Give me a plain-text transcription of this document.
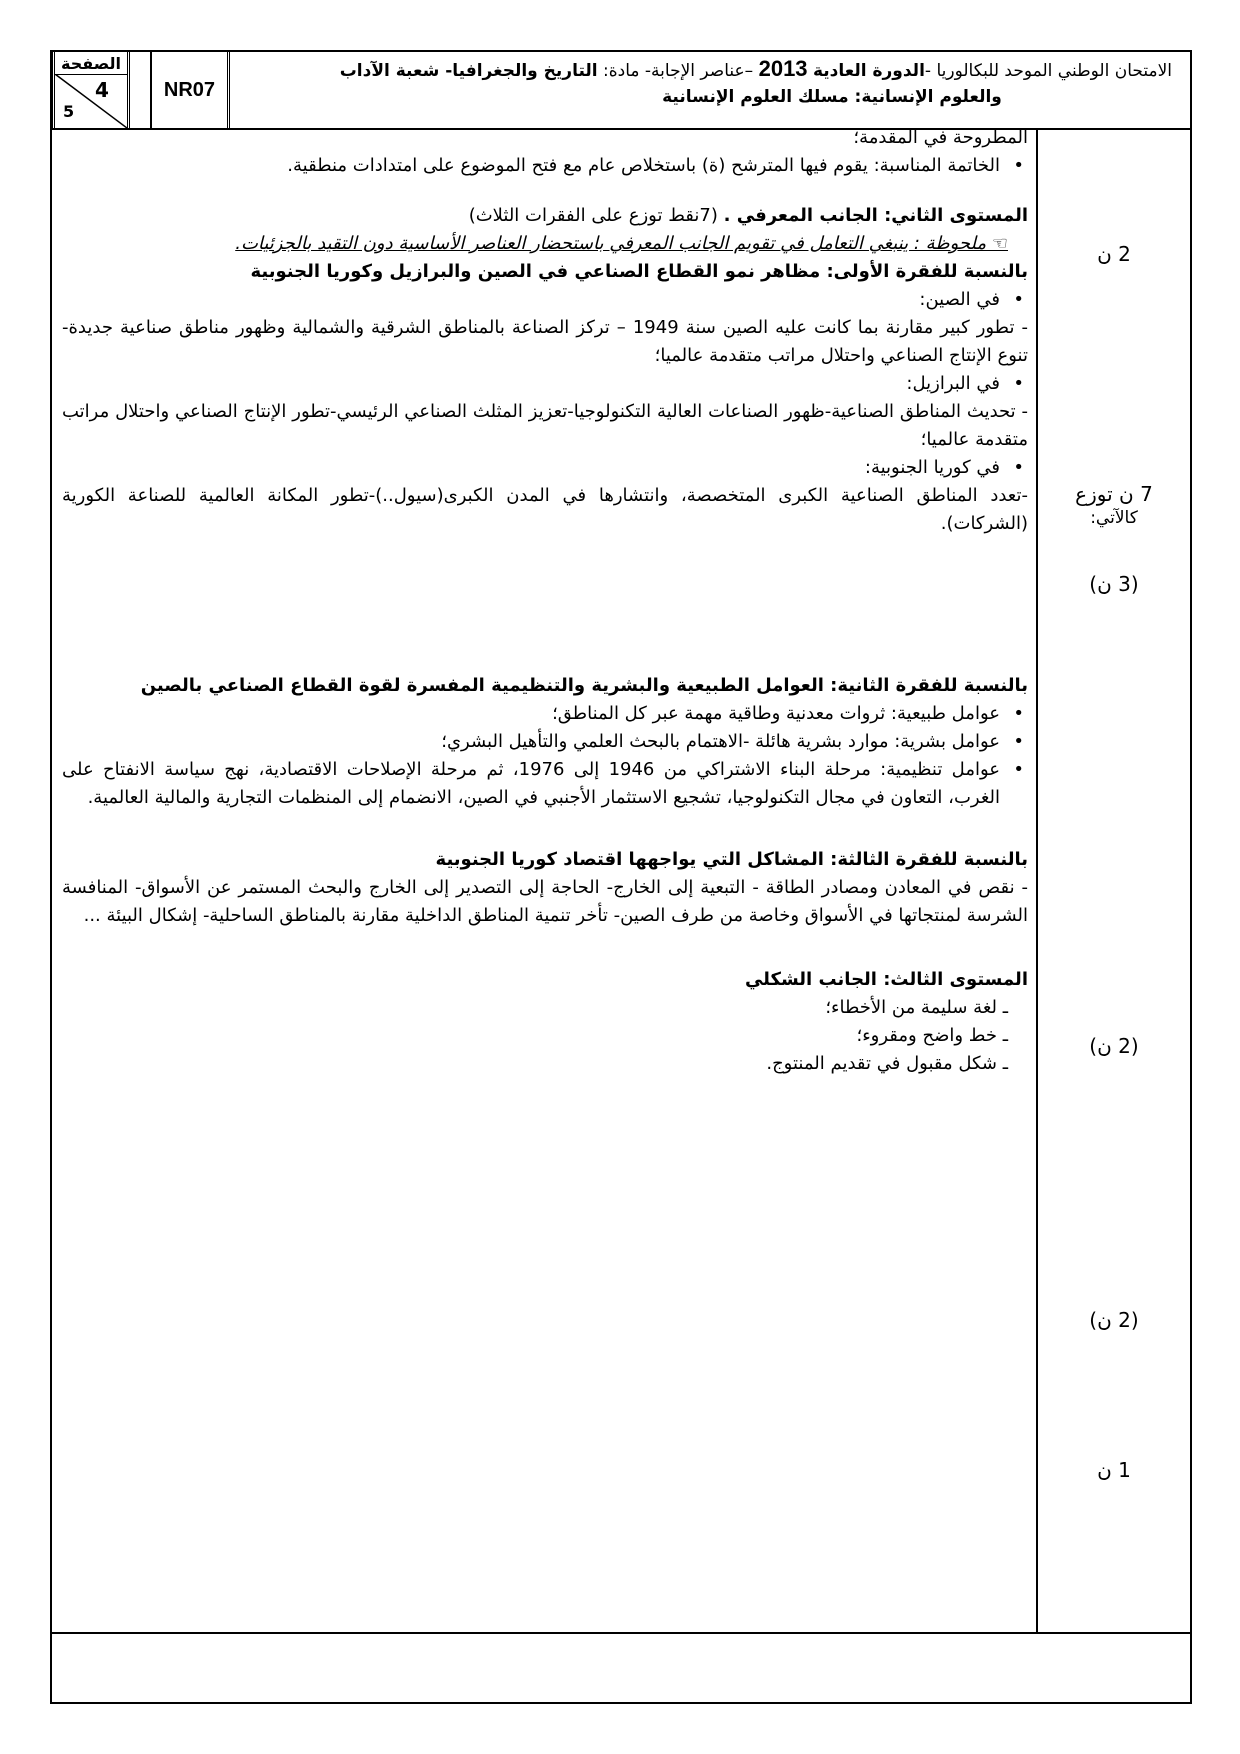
الصفحة
4
5
NR07
الامتحان الوطني الموحد للبكالوريا -الدورة العادية 2013 –عناصر الإجابة- مادة: التاريخ والجغرافيا- شعبة الآداب
والعلوم الإنسانية: مسلك العلوم الإنسانية

المطروحة في المقدمة؛

• الخاتمة المناسبة: يقوم فيها المترشح (ة) باستخلاص عام مع فتح الموضوع على امتدادات منطقية.

المستوى الثاني: الجانب المعرفي . (7نقط توزع على الفقرات الثلاث)

☜ ملحوظة : ينبغي التعامل في تقويم الجانب المعرفي باستحضار العناصر الأساسية دون التقيد بالجزئيات.

بالنسبة للفقرة الأولى: مظاهر نمو القطاع الصناعي في الصين والبرازيل وكوريا الجنوبية

• في الصين:

- تطور كبير مقارنة بما كانت عليه الصين سنة 1949 – تركز الصناعة بالمناطق الشرقية والشمالية وظهور مناطق صناعية جديدة-تنوع الإنتاج الصناعي واحتلال مراتب متقدمة عالميا؛

• في البرازيل:

- تحديث المناطق الصناعية-ظهور الصناعات العالية التكنولوجيا-تعزيز المثلث الصناعي الرئيسي-تطور الإنتاج الصناعي واحتلال مراتب متقدمة عالميا؛

• في كوريا الجنوبية:

-تعدد المناطق الصناعية الكبرى المتخصصة، وانتشارها في المدن الكبرى(سيول..)-تطور المكانة العالمية للصناعة الكورية (الشركات).

بالنسبة للفقرة الثانية: العوامل الطبيعية والبشرية والتنظيمية المفسرة لقوة القطاع الصناعي بالصين

• عوامل طبيعية: ثروات معدنية وطاقية مهمة عبر كل المناطق؛

• عوامل بشرية: موارد بشرية هائلة -الاهتمام بالبحث العلمي والتأهيل البشري؛

• عوامل تنظيمية: مرحلة البناء الاشتراكي من 1946 إلى 1976، ثم مرحلة الإصلاحات الاقتصادية، نهج سياسة الانفتاح على الغرب، التعاون في مجال التكنولوجيا، تشجيع الاستثمار الأجنبي في الصين، الانضمام إلى المنظمات التجارية والمالية العالمية.

بالنسبة للفقرة الثالثة: المشاكل التي يواجهها اقتصاد كوريا الجنوبية

- نقص في المعادن ومصادر الطاقة - التبعية إلى الخارج- الحاجة إلى التصدير إلى الخارج والبحث المستمر عن الأسواق- المنافسة الشرسة لمنتجاتها في الأسواق وخاصة من طرف الصين- تأخر تنمية المناطق الداخلية مقارنة بالمناطق الساحلية- إشكال البيئة ...

المستوى الثالث: الجانب الشكلي

ـ لغة سليمة من الأخطاء؛

ـ خط واضح ومقروء؛

ـ شكل مقبول في تقديم المنتوج.

2 ن
7 ن توزع
كالآتي:
(3 ن)
(2 ن)
(2 ن)
1 ن
